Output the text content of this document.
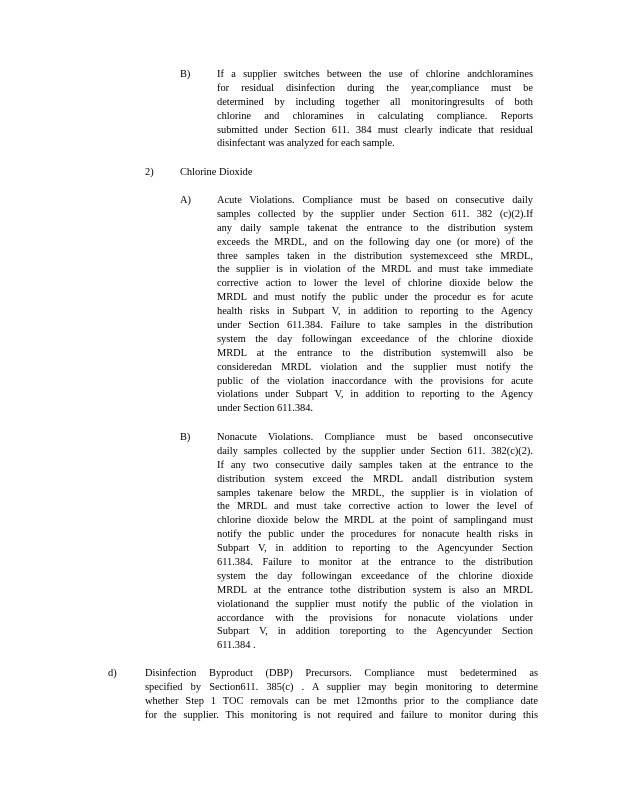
B)	If a supplier switches between the use of chlorine andchloramines
for residual disinfection during the year,compliance must be
determined by including together all monitoringresults of both
chlorine and chloramines in calculating compliance. Reports
submitted under Section 611. 384 must clearly indicate that residual
disinfectant was analyzed for each sample.
2)	Chlorine Dioxide
A)	Acute Violations. Compliance must be based on consecutive daily
samples collected by the supplier under Section 611. 382 (c)(2).If
any daily sample takenat the entrance to the distribution system
exceeds the MRDL, and on the following day one (or more) of the
three samples taken in the distribution systemexceed sthe MRDL,
the supplier is in violation of the MRDL and must take immediate
corrective action to lower the level of chlorine dioxide below the
MRDL and must notify the public under the procedur es for acute
health risks in Subpart V, in addition to reporting to the Agency
under Section 611.384. Failure to take samples in the distribution
system the day followingan exceedance of the chlorine dioxide
MRDL at the entrance to the distribution systemwill also be
consideredan MRDL violation and the supplier must notify the
public of the violation inaccordance with the provisions for acute
violations under Subpart V, in addition to reporting to the Agency
under Section 611.384.
B)	Nonacute Violations. Compliance must be based onconsecutive
daily samples collected by the supplier under Section 611. 382(c)(2).
If any two consecutive daily samples taken at the entrance to the
distribution system exceed the MRDL andall distribution system
samples takenare below the MRDL, the supplier is in violation of
the MRDL and must take corrective action to lower the level of
chlorine dioxide below the MRDL at the point of samplingand must
notify the public under the procedures for nonacute health risks in
Subpart V, in addition to reporting to the Agencyunder Section
611.384. Failure to monitor at the entrance to the distribution
system the day followingan exceedance of the chlorine dioxide
MRDL at the entrance tothe distribution system is also an MRDL
violationand the supplier must notify the public of the violation in
accordance with the provisions for nonacute violations under
Subpart V, in addition toreporting to the Agencyunder Section
611.384 .
d)	Disinfection Byproduct (DBP) Precursors. Compliance must bedetermined as
specified by Section611. 385(c) . A supplier may begin monitoring to determine
whether Step 1 TOC removals can be met 12months prior to the compliance date
for the supplier. This monitoring is not required and failure to monitor during this
